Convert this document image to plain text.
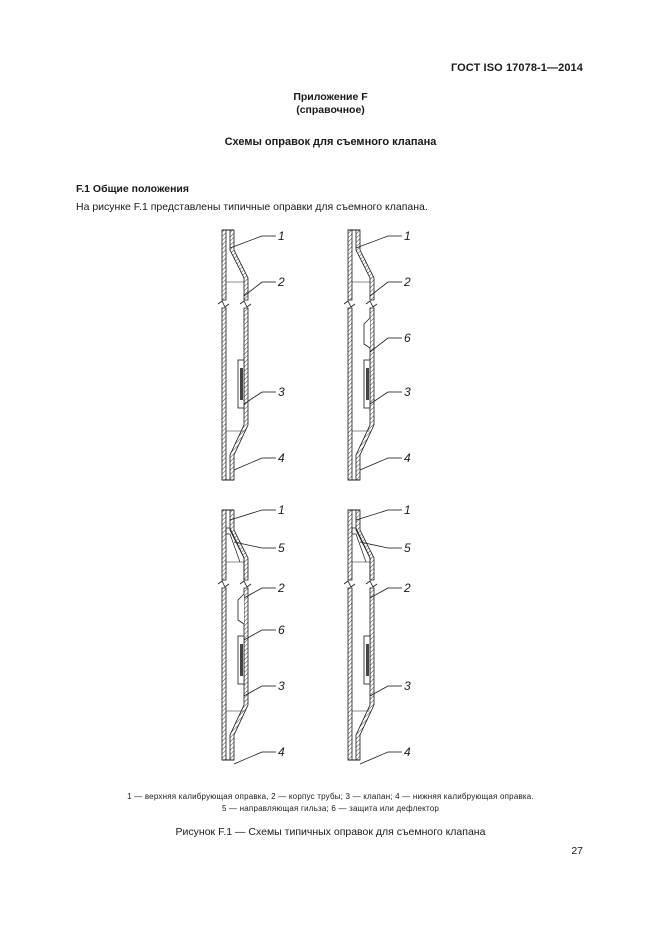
ГОСТ ISO 17078-1—2014
Приложение F
(справочное)
Схемы оправок для съемного клапана
F.1 Общие положения
На рисунке F.1 представлены типичные оправки для съемного клапана.
1
2
3
4
1
2
6
3
4
1
5
2
6
3
4
1
5
2
3
4
1 — верхняя калибрующая оправка, 2 — корпус трубы; 3 — клапан; 4 — нижняя калибрующая оправка.
5 — направляющая гильза; 6 — защита или дефлектор
Рисунок F.1 — Схемы типичных оправок для съемного клапана
27
